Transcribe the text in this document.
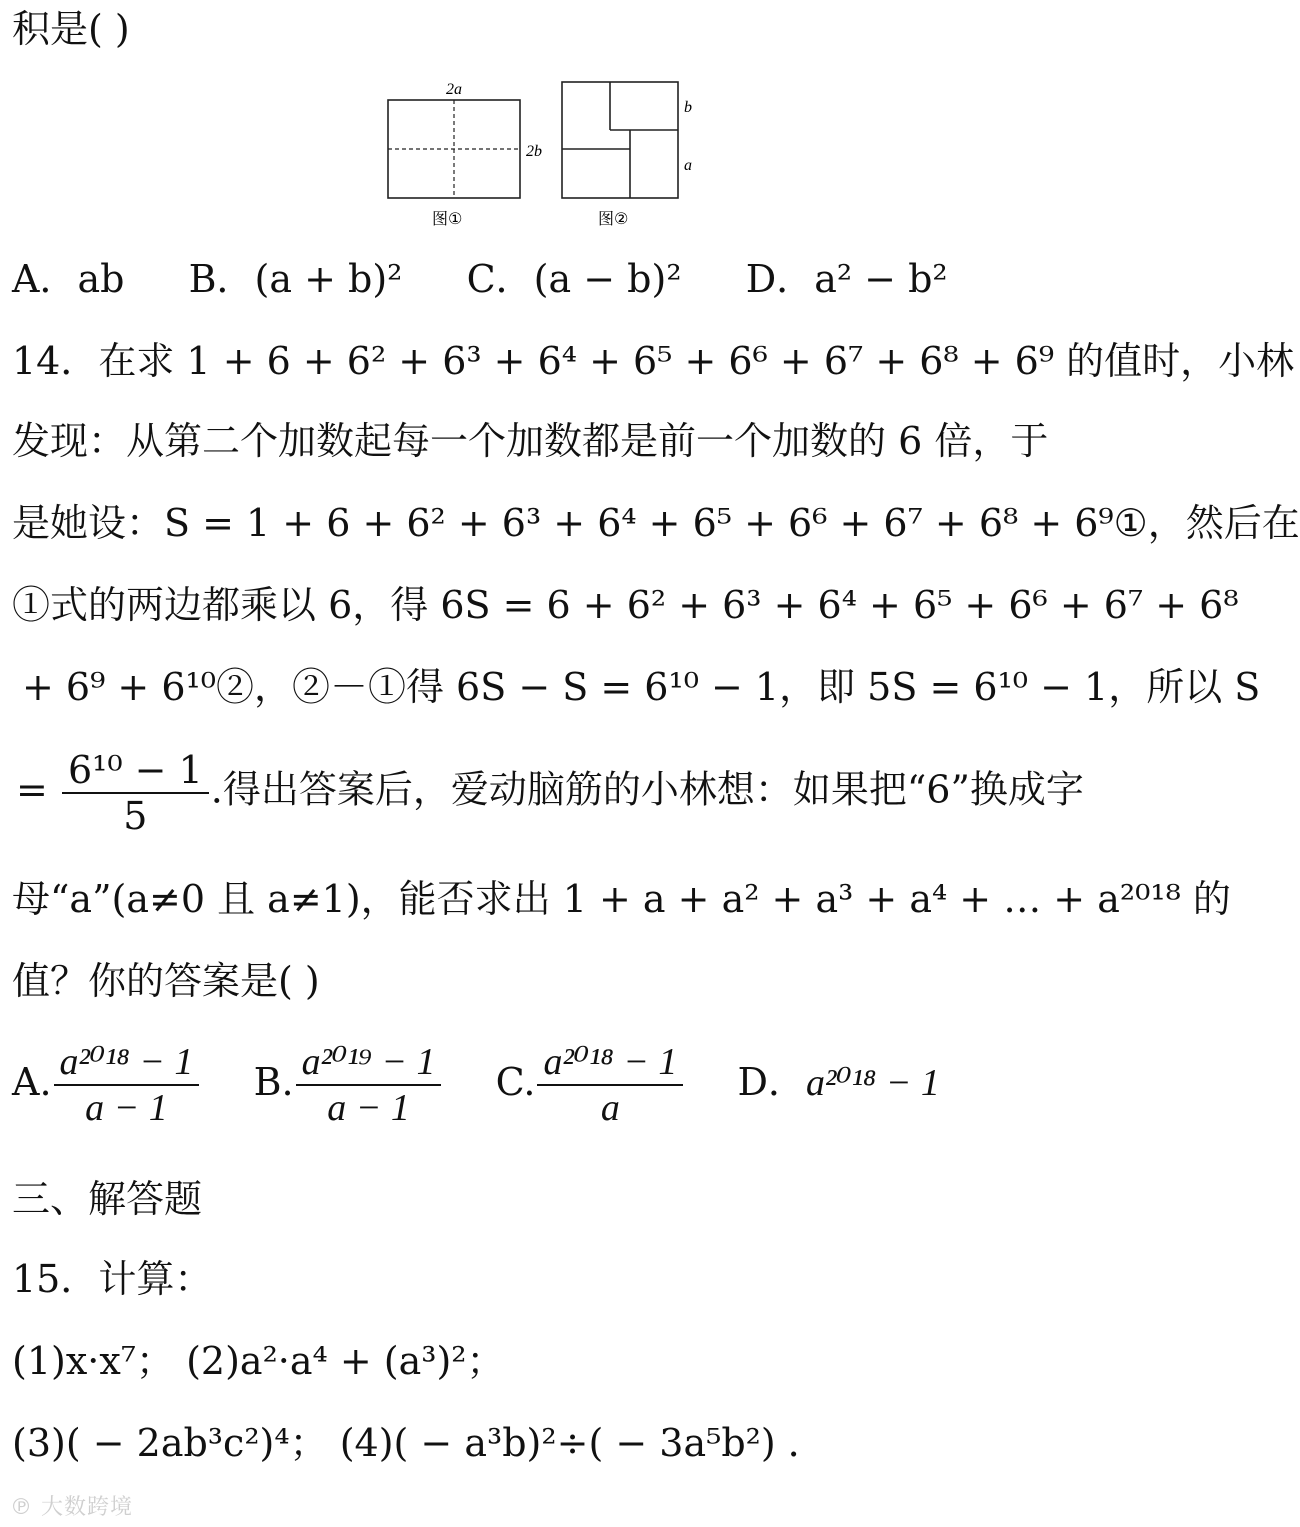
积是( )
2a
2b
图①
b
a
图②
A．ab B．(a + b)² C．(a − b)² D．a² − b²
14．在求 1 + 6 + 6² + 6³ + 6⁴ + 6⁵ + 6⁶ + 6⁷ + 6⁸ + 6⁹ 的值时，小林
发现：从第二个加数起每一个加数都是前一个加数的 6 倍，于
是她设：S = 1 + 6 + 6² + 6³ + 6⁴ + 6⁵ + 6⁶ + 6⁷ + 6⁸ + 6⁹①，然后在
①式的两边都乘以 6，得 6S = 6 + 6² + 6³ + 6⁴ + 6⁵ + 6⁶ + 6⁷ + 6⁸
+ 6⁹ + 6¹⁰②，②－①得 6S − S = 6¹⁰ − 1，即 5S = 6¹⁰ − 1，所以 S
= $\frac{\text{6¹⁰ − 1}}{5}$ .得出答案后，爱动脑筋的小林想：如果把“6”换成字
母“a”(a≠0 且 a≠1)，能否求出 1 + a + a² + a³ + a⁴ + … + a²⁰¹⁸ 的
值？你的答案是( )
A. $\frac{\text{a²⁰¹⁸ − 1}}{a - 1} B$. $\frac{\text{a²⁰¹⁹ − 1}}{a - 1} C$. $\frac{\text{a²⁰¹⁸ − 1}}{a}$ D．a²⁰¹⁸ − 1
三、解答题
15．计算：
(1)x·x⁷； (2)a²·a⁴ + (a³)²；
(3)( − 2ab³c²)⁴； (4)( − a³b)²÷( − 3a⁵b²) ．
℗ 大数跨境
